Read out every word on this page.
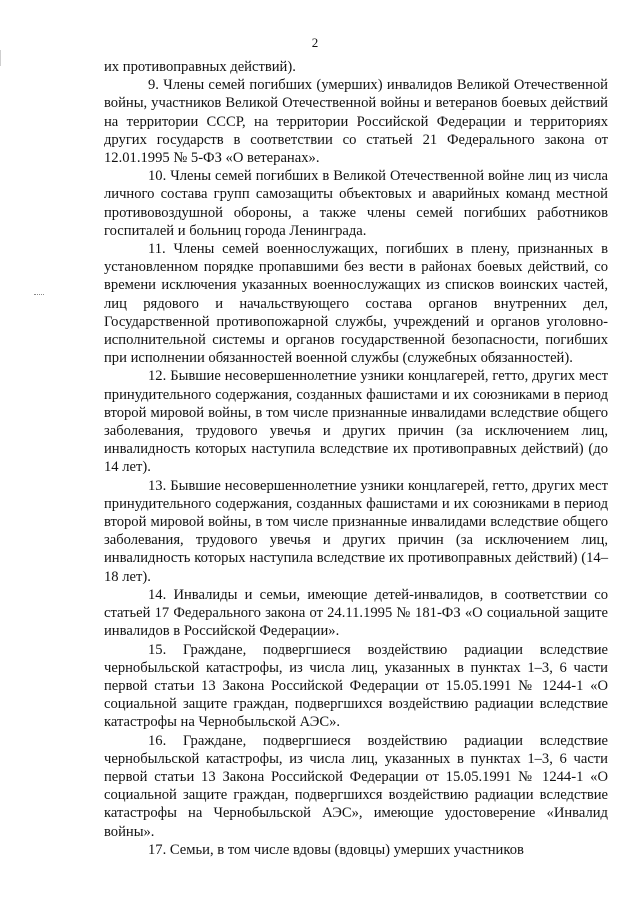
2

их противоправных действий).

9. Члены семей погибших (умерших) инвалидов Великой Отечественной войны, участников Великой Отечественной войны и ветеранов боевых действий на территории СССР, на территории Российской Федерации и территориях других государств в соответствии со статьей 21 Федерального закона от 12.01.1995 № 5-ФЗ «О ветеранах».

10. Члены семей погибших в Великой Отечественной войне лиц из числа личного состава групп самозащиты объектовых и аварийных команд местной противовоздушной обороны, а также члены семей погибших работников госпиталей и больниц города Ленинграда.

11. Члены семей военнослужащих, погибших в плену, признанных в установленном порядке пропавшими без вести в районах боевых действий, со времени исключения указанных военнослужащих из списков воинских частей, лиц рядового и начальствующего состава органов внутренних дел, Государственной противопожарной службы, учреждений и органов уголовно-исполнительной системы и органов государственной безопасности, погибших при исполнении обязанностей военной службы (служебных обязанностей).

12. Бывшие несовершеннолетние узники концлагерей, гетто, других мест принудительного содержания, созданных фашистами и их союзниками в период второй мировой войны, в том числе признанные инвалидами вследствие общего заболевания, трудового увечья и других причин (за исключением лиц, инвалидность которых наступила вследствие их противоправных действий) (до 14 лет).

13. Бывшие несовершеннолетние узники концлагерей, гетто, других мест принудительного содержания, созданных фашистами и их союзниками в период второй мировой войны, в том числе признанные инвалидами вследствие общего заболевания, трудового увечья и других причин (за исключением лиц, инвалидность которых наступила вследствие их противоправных действий) (14–18 лет).

14. Инвалиды и семьи, имеющие детей-инвалидов, в соответствии со статьей 17 Федерального закона от 24.11.1995 № 181-ФЗ «О социальной защите инвалидов в Российской Федерации».

15. Граждане, подвергшиеся воздействию радиации вследствие чернобыльской катастрофы, из числа лиц, указанных в пунктах 1–3, 6 части первой статьи 13 Закона Российской Федерации от 15.05.1991 № 1244-1 «О социальной защите граждан, подвергшихся воздействию радиации вследствие катастрофы на Чернобыльской АЭС».

16. Граждане, подвергшиеся воздействию радиации вследствие чернобыльской катастрофы, из числа лиц, указанных в пунктах 1–3, 6 части первой статьи 13 Закона Российской Федерации от 15.05.1991 № 1244-1 «О социальной защите граждан, подвергшихся воздействию радиации вследствие катастрофы на Чернобыльской АЭС», имеющие удостоверение «Инвалид войны».

17. Семьи, в том числе вдовы (вдовцы) умерших участников
